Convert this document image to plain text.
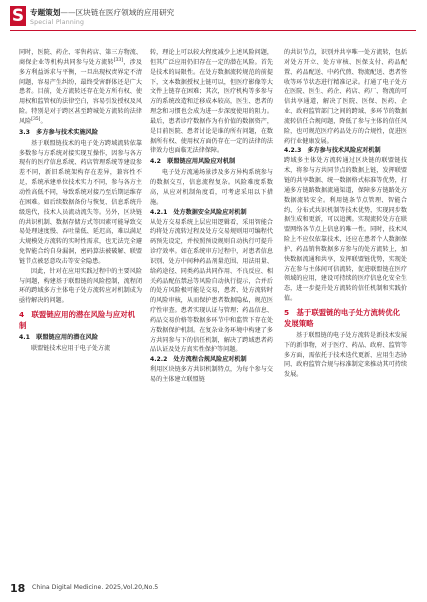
S 专题策划——区块链在医疗领域的应用研究
Special Planning

同时，医院、药企、零售药店、第三方物流、商保企业等机构共同参与处方流转[33]，涉及多方利益诉求与平衡，一旦出现权责界定不清问题，容易产生纠纷，最终受害群体还是广大患者。目前，处方流转还存在处方所有权、使用权和监管权的法律空白，容易引发授权及风险。特别是对于跨区甚至跨城处方流转的法律风险[35]。

3.3　多方参与技术实施风险

基于联盟链技术的电子处方跨域流转依靠多数参与方系统对接实现互操作，因参与各方现有的医疗信息系统、药店管理系统等建设参差不同，新旧系统架构存在差异，兼容性不足，系统承建单位技术实力不同，参与各方主动性高低不同，导致系统对接乃至后期运维存在困难。如后续数据备份与恢复、信息系统升级迭代，技术人员流动流失等。另外，区块链的共识机制、数据存储方式等因素可能导致交易处理速度慢、吞吐量低、延迟高，难以满足大规模处方流转的实时性需求，也无法完全避免智能合约自身漏洞，密码算法被破解、联盟链节点被恶意攻击等安全隐患。

因此，针对在应用实践过程中的主要风险与问题，构建基于联盟链的风险控制，流程闭环的跨域多方主体电子处方流转应对机制成为亟待解决的问题。

4　联盟链应用的潜在风险与应对机制
4.1　联盟链应用的潜在风险

联盟链技术应用于电子处方流

转，理论上可以较大程度减少上述风险问题，但其广泛应用仍旧存在一定的潜在风险。首先是技术的局限性。在处方数据流转规范的前提下，文本数据授权上链可以，但医疗影像等大文件上链存在困难；其次，医疗机构等多参与方的系统改造和迁移成本较高，医生、患者的理念和习惯也会成为进一步深度使用的阻力。最后，患者诊疗数据作为有价值的数据资产，是目前医院、患者讨论是谁的所有问题，在数据所有权、使用权方面仍存在一定的法律的法律效力也面临无法律保障。

4.2　联盟链应用风险应对机制

电子处方流通场景涉及多方异构系统参与的数据交互，信息流程复杂。风险难度系数高，从应对机制角度看，可考虑采用以下措施。

4.2.1　处方数据安全风险应对机制

从处方交易系统上层应用逻辑看，采用智能合约将处方流转过程及处方交易规则用可编程代码预先设定，并按照预设规则自动执行可提升诊疗效率。如在系统审方过程中，对患者信息识别、处方中间种药品剂量范围、用法用量、给药途径、同类药品共同作用、不良反应、相关药品配伍禁忌等风险自动执行提示，合并后的处方风险极可能是交易，患者、处方流转时的风险审核，从而保护患者数据隐私，规范医疗性审查。患者实现认证与管理；药品信息、药品交易价格等数据多环节中和监管下存在处方数据保护机制。在复杂业务环境中构建了多方共同参与下的信任机制，解决了跨域患者药品认证及处方真实性保护等问题。

4.2.2　处方流程合规风险应对机制

利用区块链多方共识机制特点，为每个参与交易的主体建立联盟链

的共识节点，识别并共享唯一处方流转，包括对处方开立、处方审核、医保支付、药品配置、药品配送、中药代煎、物流配送、患者签收等环节状态进行精准记录。打通了电子处方在医院、医生、药企、药店、药厂、物流的可信共享通道，解决了医院、医保、医药、企业、政府监管部门之间的跨域、多环节的数据流转信任合规问题，降低了参与主体的信任风险，也可规范医疗药品处方的合规性，促进医药行业健康发展。

4.2.3　多方参与技术风险应对机制

跨域多主体处方流转通过区块链的联盟链技术，将参与方共同节点的数据上链，发挥联盟链的共享数据、统一数据格式标准等优势，打通多方链路数据流通渠道，保障多方链路处方数据流转安全。利用链条节点管理、智能合约、分布式共识机制等技术优势，实现同步数据生成和更新，可以追溯。实现流转处方在联盟网络各节点上信息的唯一性。同时，技术风险上不应仅依靠技术，还应在患者个人数据保护、药品销售数据多方参与的处方流转上，加快数据流通和共享，发挥联盟链优势，实现处方在参与主体间可信流转，促进联盟链在医疗领域的应用，建设可持续的医疗信息化安全生态，进一步提升处方流转的信任机制和实践价值。

5　基于联盟链的电子处方流转优化发展策略

基于联盟链的电子处方流转是新技术发展下的新事物，对于医疗、药品、政府、监管等多方面，需依托于技术迭代更新、应用生态协同、政府监管合规与标准制定来推动其可持续发展。

18 China Digital Medicine. 2025,Vol.20,No.5
